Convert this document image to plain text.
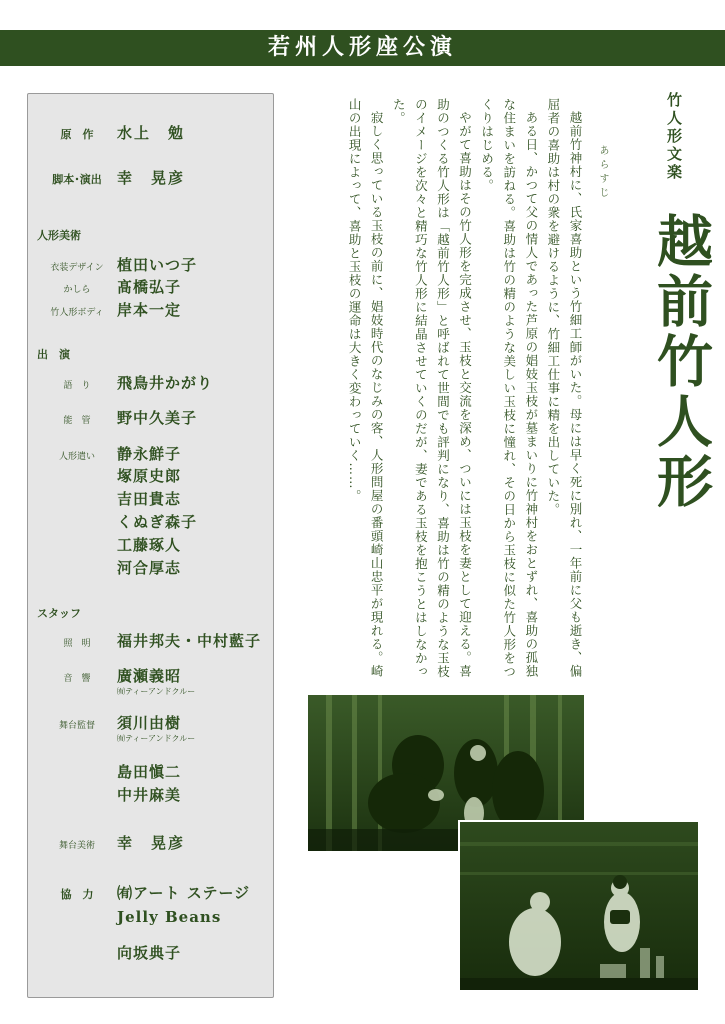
若州人形座公演
原　作	水上　勉
脚本･演出	幸　晃彦
人形美術
衣装デザイン 植田いつ子
かしら	髙橋弘子
竹人形ボディ 岸本一定
出　演
語　り	飛鳥井かがり
能　管	野中久美子
人形遣い	静永鮮子
塚原史郎
吉田貴志
くぬぎ森子
工藤琢人
河合厚志
スタッフ
照　明	福井邦夫・中村藍子
音　響	廣瀬義昭
㈲ティーアンドクルー
舞台監督	須川由樹
㈲ティーアンドクルー
島田愼二
中井麻美
舞台美術	幸　晃彦
協　力	㈲アート ステージ
Jelly Beans
向坂典子
竹人形文楽
越前竹人形
あらすじ

越前竹神村に、氏家喜助という竹細工師がいた。母には早く死に別れ、一年前に父も逝き、偏屈者の喜助は村の衆を避けるように、竹細工仕事に精を出していた。

ある日、かつて父の情人であった芦原の娼妓玉枝が墓まいりに竹神村をおとずれ、喜助の孤独な住まいを訪ねる。喜助は竹の精のような美しい玉枝に憧れ、その日から玉枝に似た竹人形をつくりはじめる。

やがて喜助はその竹人形を完成させ、玉枝と交流を深め、ついには玉枝を妻として迎える。喜助のつくる竹人形は「越前竹人形」と呼ばれて世間でも評判になり、喜助は竹の精のような玉枝のイメージを次々と精巧な竹人形に結晶させていくのだが、妻である玉枝を抱こうとはしなかった。

寂しく思っている玉枝の前に、娼妓時代のなじみの客、人形問屋の番頭崎山忠平が現れる。崎山の出現によって、喜助と玉枝の運命は大きく変わっていく……。
